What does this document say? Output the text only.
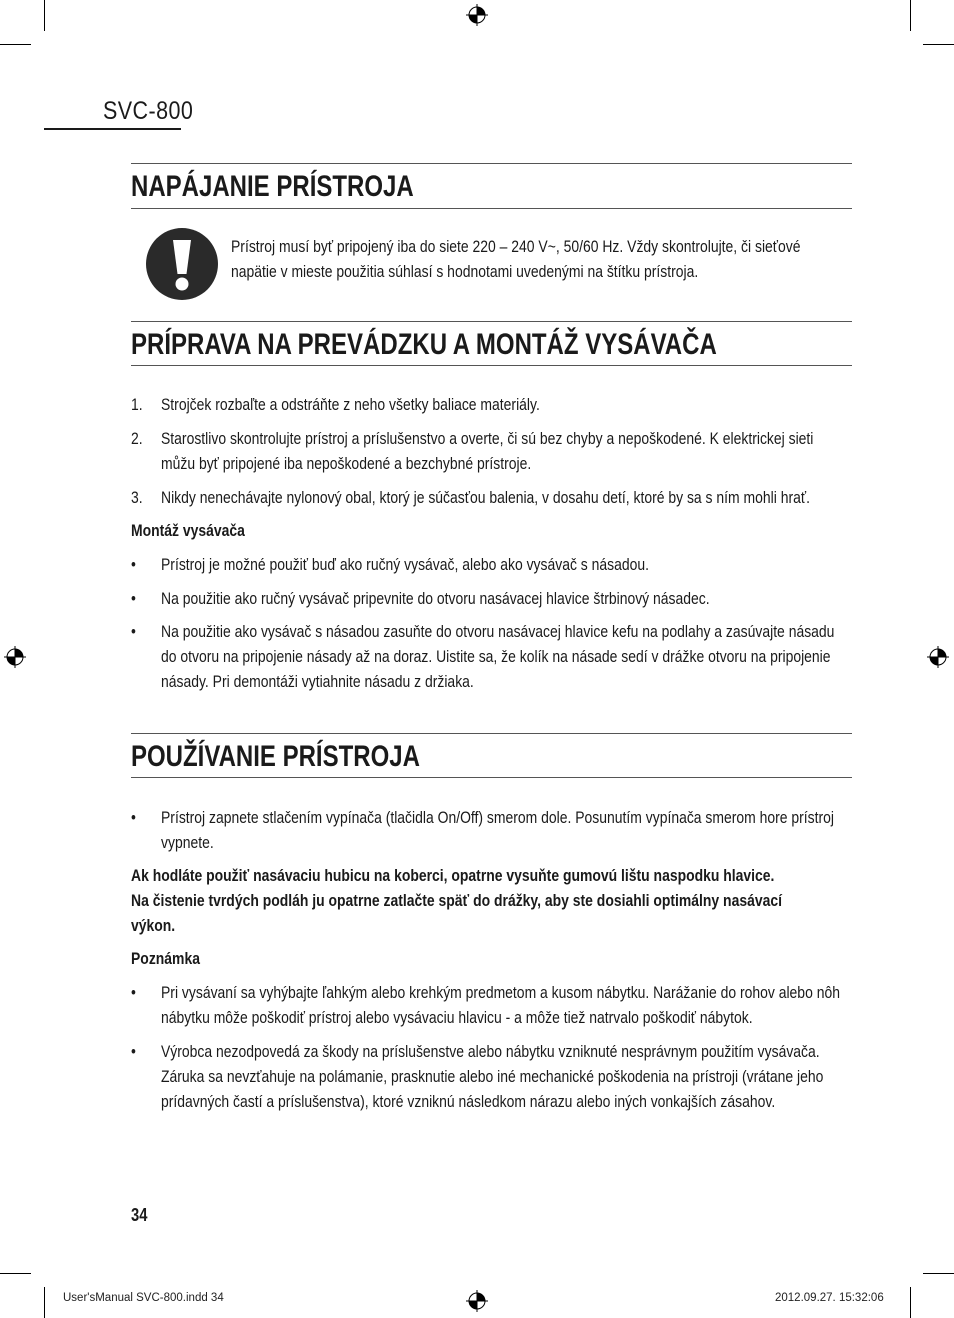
SVC-800
NAPÁJANIE PRÍSTROJA

Prístroj musí byť pripojený iba do siete 220 – 240 V~, 50/60 Hz. Vždy skontrolujte, či sieťové

napätie v mieste použitia súhlasí s hodnotami uvedenými na štítku prístroja.

PRÍPRAVA NA PREVÁDZKU A MONTÁŽ VYSÁVAČA
1. Strojček rozbaľte a odstráňte z neho všetky baliace materiály.

2. Starostlivo skontrolujte prístroj a príslušenstvo a overte, či sú bez chyby a nepoškodené. K elektrickej sieti

můžu byť pripojené iba nepoškodené a bezchybné prístroje.

3. Nikdy nenechávajte nylonový obal, ktorý je súčasťou balenia, v dosahu detí, ktoré by sa s ním mohli hrať.

Montáž vysávača

• Prístroj je možné použiť buď ako ručný vysávač, alebo ako vysávač s násadou.

• Na použitie ako ručný vysávač pripevnite do otvoru nasávacej hlavice štrbinový násadec.

• Na použitie ako vysávač s násadou zasuňte do otvoru nasávacej hlavice kefu na podlahy a zasúvajte násadu

do otvoru na pripojenie násady až na doraz. Uistite sa, že kolík na násade sedí v drážke otvoru na pripojenie

násady. Pri demontáži vytiahnite násadu z držiaka.

POUŽÍVANIE PRÍSTROJA
• Prístroj zapnete stlačením vypínača (tlačidla On/Off) smerom dole. Posunutím vypínača smerom hore prístroj

vypnete.

Ak hodláte použiť nasávaciu hubicu na koberci, opatrne vysuňte gumovú lištu naspodku hlavice.

Na čistenie tvrdých podláh ju opatrne zatlačte späť do drážky, aby ste dosiahli optimálny nasávací

výkon.

Poznámka

• Pri vysávaní sa vyhýbajte ľahkým alebo krehkým predmetom a kusom nábytku. Narážanie do rohov alebo nôh

nábytku môže poškodiť prístroj alebo vysávaciu hlavicu - a môže tiež natrvalo poškodiť nábytok.

• Výrobca nezodpovedá za škody na príslušenstve alebo nábytku vzniknuté nesprávnym použitím vysávača.

Záruka sa nevzťahuje na polámanie, prasknutie alebo iné mechanické poškodenia na prístroji (vrátane jeho

prídavných častí a príslušenstva), ktoré vzniknú následkom nárazu alebo iných vonkajších zásahov.

34
User'sManual SVC-800.indd 34	2012.09.27. 15:32:06
